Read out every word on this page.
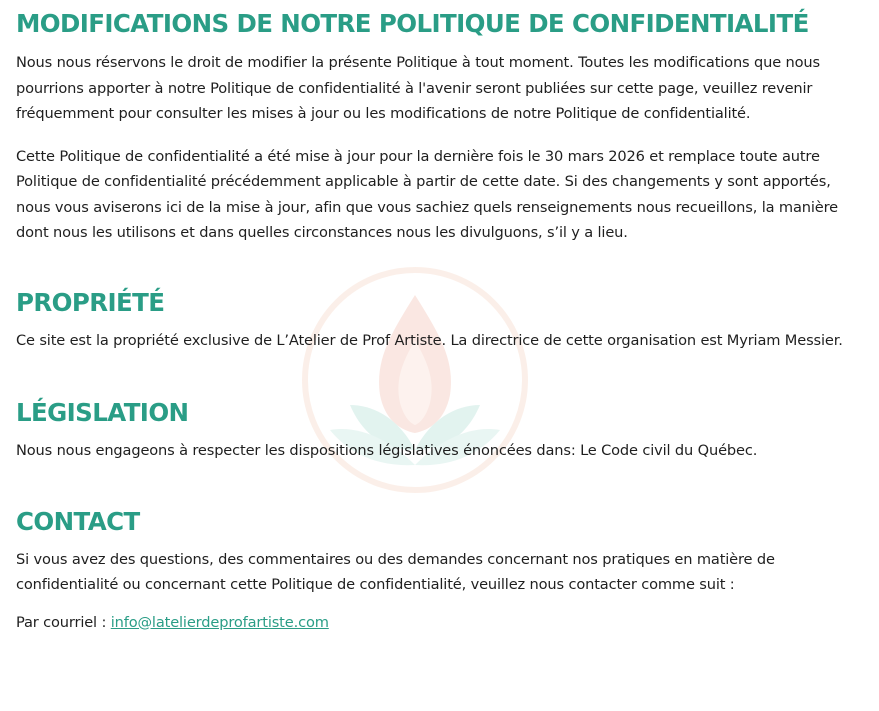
MODIFICATIONS DE NOTRE POLITIQUE DE CONFIDENTIALITÉ

Nous nous réservons le droit de modifier la présente Politique à tout moment. Toutes les modifications que nous pourrions apporter à notre Politique de confidentialité à l'avenir seront publiées sur cette page, veuillez revenir fréquemment pour consulter les mises à jour ou les modifications de notre Politique de confidentialité.

Cette Politique de confidentialité a été mise à jour pour la dernière fois le 30 mars 2026 et remplace toute autre Politique de confidentialité précédemment applicable à partir de cette date. Si des changements y sont apportés, nous vous aviserons ici de la mise à jour, afin que vous sachiez quels renseignements nous recueillons, la manière dont nous les utilisons et dans quelles circonstances nous les divulguons, s’il y a lieu.

PROPRIÉTÉ

Ce site est la propriété exclusive de L’Atelier de Prof Artiste. La directrice de cette organisation est Myriam Messier.

LÉGISLATION

Nous nous engageons à respecter les dispositions législatives énoncées dans: Le Code civil du Québec.

CONTACT

Si vous avez des questions, des commentaires ou des demandes concernant nos pratiques en matière de confidentialité ou concernant cette Politique de confidentialité, veuillez nous contacter comme suit :

Par courriel : info@latelierdeprofartiste.com
